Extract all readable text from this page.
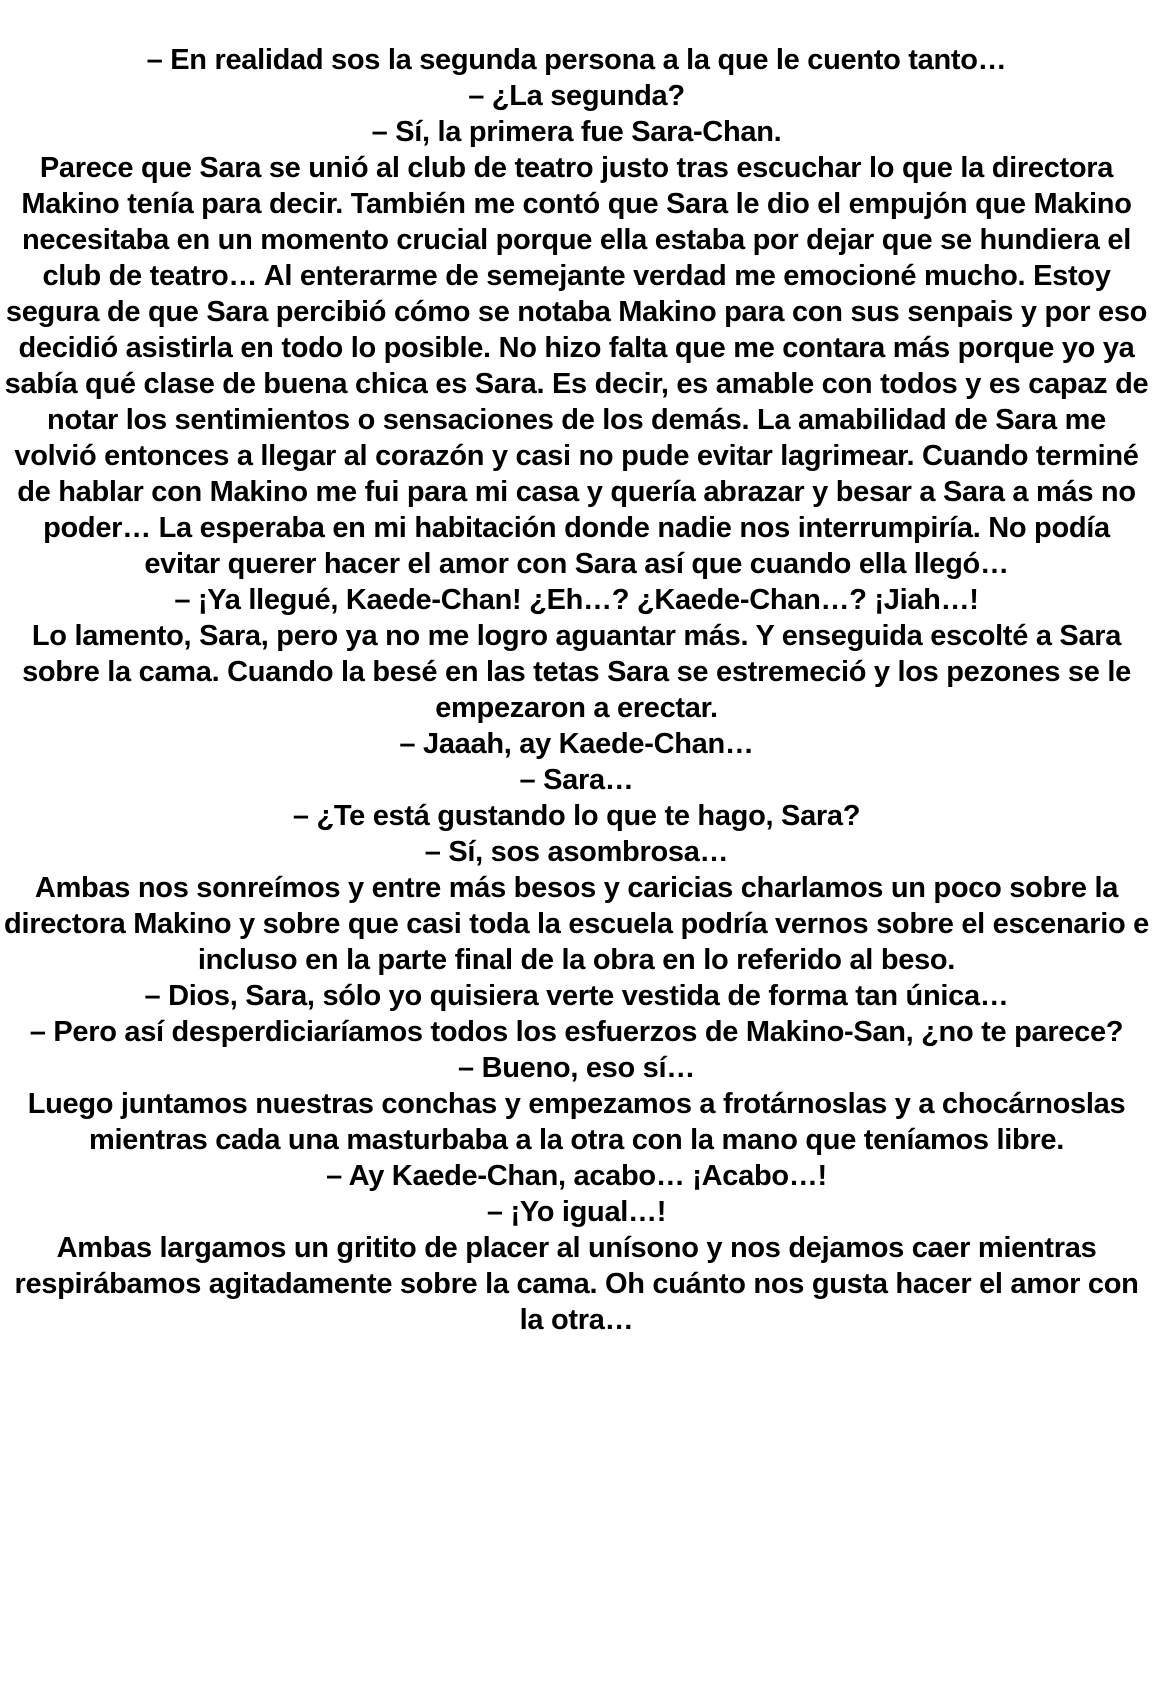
– En realidad sos la segunda persona a la que le cuento tanto…

– ¿La segunda?

– Sí, la primera fue Sara-Chan.

Parece que Sara se unió al club de teatro justo tras escuchar lo que la directora Makino tenía para decir. También me contó que Sara le dio el empujón que Makino necesitaba en un momento crucial porque ella estaba por dejar que se hundiera el club de teatro… Al enterarme de semejante verdad me emocioné mucho. Estoy segura de que Sara percibió cómo se notaba Makino para con sus senpais y por eso decidió asistirla en todo lo posible. No hizo falta que me contara más porque yo ya sabía qué clase de buena chica es Sara. Es decir, es amable con todos y es capaz de notar los sentimientos o sensaciones de los demás. La amabilidad de Sara me volvió entonces a llegar al corazón y casi no pude evitar lagrimear. Cuando terminé de hablar con Makino me fui para mi casa y quería abrazar y besar a Sara a más no poder… La esperaba en mi habitación donde nadie nos interrumpiría. No podía evitar querer hacer el amor con Sara así que cuando ella llegó…

– ¡Ya llegué, Kaede-Chan! ¿Eh…? ¿Kaede-Chan…? ¡Jiah…!

Lo lamento, Sara, pero ya no me logro aguantar más. Y enseguida escolté a Sara sobre la cama. Cuando la besé en las tetas Sara se estremeció y los pezones se le empezaron a erectar.

– Jaaah, ay Kaede-Chan…

– Sara…

– ¿Te está gustando lo que te hago, Sara?

– Sí, sos asombrosa…

Ambas nos sonreímos y entre más besos y caricias charlamos un poco sobre la directora Makino y sobre que casi toda la escuela podría vernos sobre el escenario e incluso en la parte final de la obra en lo referido al beso.

– Dios, Sara, sólo yo quisiera verte vestida de forma tan única…

– Pero así desperdiciaríamos todos los esfuerzos de Makino-San, ¿no te parece?

– Bueno, eso sí…

Luego juntamos nuestras conchas y empezamos a frotárnoslas y a chocárnoslas mientras cada una masturbaba a la otra con la mano que teníamos libre.

– Ay Kaede-Chan, acabo… ¡Acabo…!

– ¡Yo igual…!

Ambas largamos un gritito de placer al unísono y nos dejamos caer mientras respirábamos agitadamente sobre la cama. Oh cuánto nos gusta hacer el amor con la otra…
